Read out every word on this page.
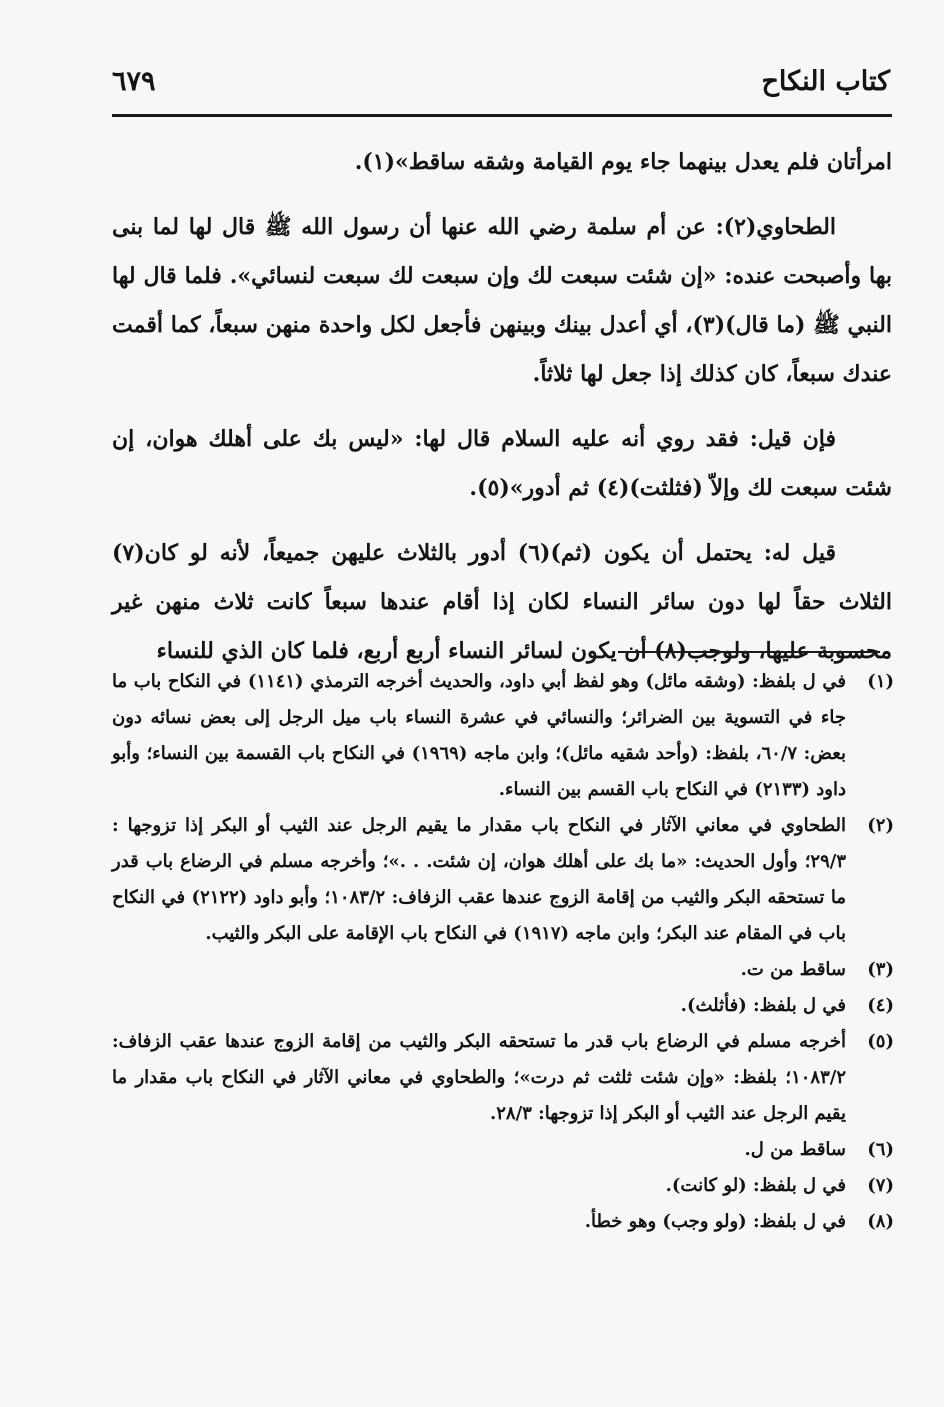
كتاب النكاح
٦٧٩

امرأتان فلم يعدل بينهما جاء يوم القيامة وشقه ساقط»(١).

الطحاوي(٢): عن أم سلمة رضي الله عنها أن رسول الله ﷺ قال لها لما بنى بها وأصبحت عنده: «إن شئت سبعت لك وإن سبعت لك سبعت لنسائي». فلما قال لها النبي ﷺ (ما قال)(٣)، أي أعدل بينك وبينهن فأجعل لكل واحدة منهن سبعاً، كما أقمت عندك سبعاً، كان كذلك إذا جعل لها ثلاثاً.

فإن قيل: فقد روي أنه عليه السلام قال لها: «ليس بك على أهلك هوان، إن شئت سبعت لك وإلاّ (فثلثت)(٤) ثم أدور»(٥).

قيل له: يحتمل أن يكون (ثم)(٦) أدور بالثلاث عليهن جميعاً، لأنه لو كان(٧) الثلاث حقاً لها دون سائر النساء لكان إذا أقام عندها سبعاً كانت ثلاث منهن غير محسوبة عليها، ولوجب(٨) أن يكون لسائر النساء أربع أربع، فلما كان الذي للنساء

(١)
في ل بلفظ: (وشقه مائل) وهو لفظ أبي داود، والحديث أخرجه الترمذي (١١٤١) في النكاح باب ما جاء في التسوية بين الضرائر؛ والنسائي في عشرة النساء باب ميل الرجل إلى بعض نسائه دون بعض: ٦٠/٧، بلفظ: (وأحد شقيه مائل)؛ وابن ماجه (١٩٦٩) في النكاح باب القسمة بين النساء؛ وأبو داود (٢١٣٣) في النكاح باب القسم بين النساء.
(٢)
الطحاوي في معاني الآثار في النكاح باب مقدار ما يقيم الرجل عند الثيب أو البكر إذا تزوجها : ٢٩/٣؛ وأول الحديث: «ما بك على أهلك هوان، إن شئت. . .»؛ وأخرجه مسلم في الرضاع باب قدر ما تستحقه البكر والثيب من إقامة الزوج عندها عقب الزفاف: ١٠٨٣/٢؛ وأبو داود (٢١٢٢) في النكاح باب في المقام عند البكر؛ وابن ماجه (١٩١٧) في النكاح باب الإقامة على البكر والثيب.
(٣)
ساقط من ت.
(٤)
في ل بلفظ: (فأثلث).
(٥)
أخرجه مسلم في الرضاع باب قدر ما تستحقه البكر والثيب من إقامة الزوج عندها عقب الزفاف: ١٠٨٣/٢؛ بلفظ: «وإن شئت ثلثت ثم درت»؛ والطحاوي في معاني الآثار في النكاح باب مقدار ما يقيم الرجل عند الثيب أو البكر إذا تزوجها: ٢٨/٣.
(٦)
ساقط من ل.
(٧)
في ل بلفظ: (لو كانت).
(٨)
في ل بلفظ: (ولو وجب) وهو خطأ.
